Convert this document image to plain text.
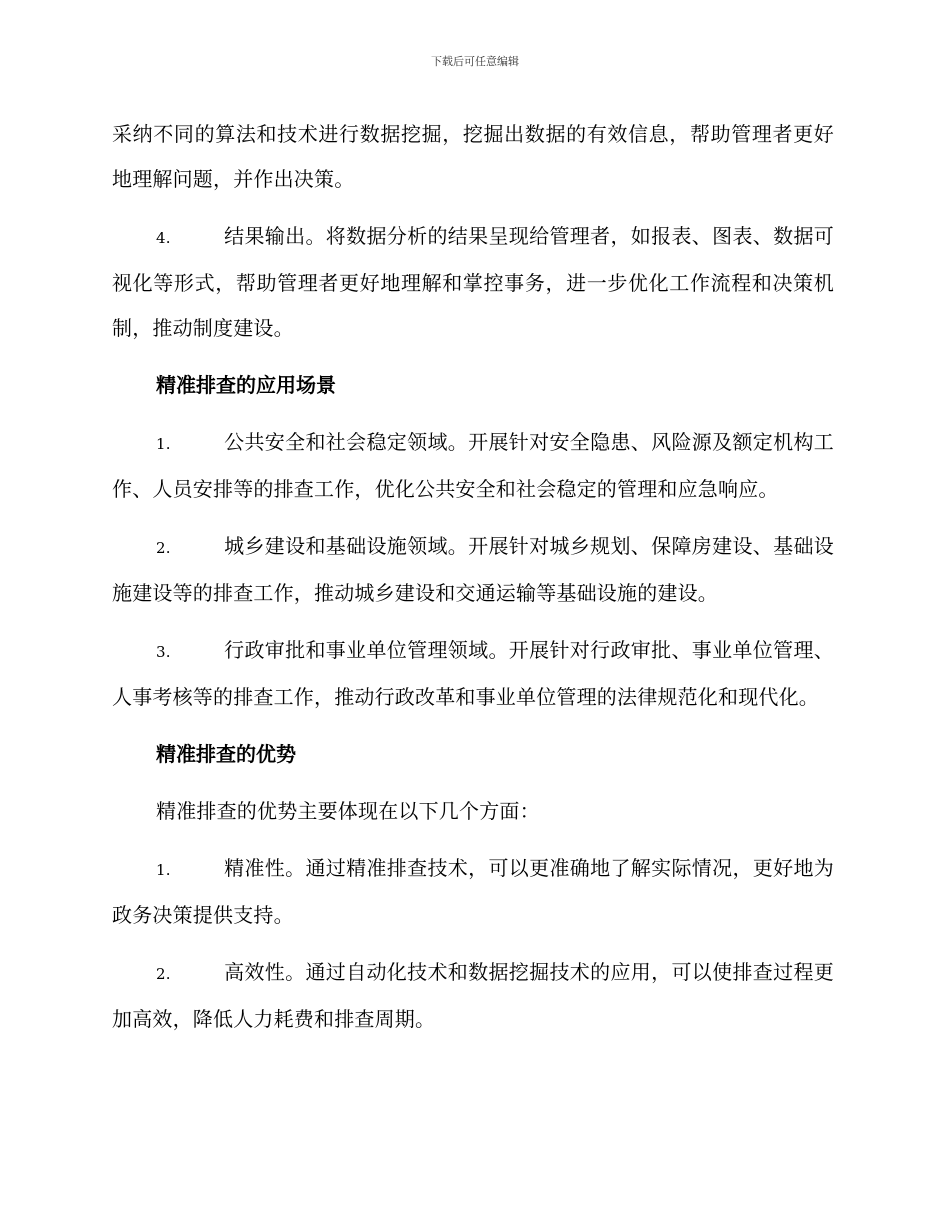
下载后可任意编辑

采纳不同的算法和技术进行数据挖掘，挖掘出数据的有效信息，帮助管理者更好地理解问题，并作出决策。

4.	结果输出。将数据分析的结果呈现给管理者，如报表、图表、数据可视化等形式，帮助管理者更好地理解和掌控事务，进一步优化工作流程和决策机制，推动制度建设。

精准排查的应用场景

1.	公共安全和社会稳定领域。开展针对安全隐患、风险源及额定机构工作、人员安排等的排查工作，优化公共安全和社会稳定的管理和应急响应。

2.	城乡建设和基础设施领域。开展针对城乡规划、保障房建设、基础设施建设等的排查工作，推动城乡建设和交通运输等基础设施的建设。

3.	行政审批和事业单位管理领域。开展针对行政审批、事业单位管理、人事考核等的排查工作，推动行政改革和事业单位管理的法律规范化和现代化。

精准排查的优势

精准排查的优势主要体现在以下几个方面：

1.	精准性。通过精准排查技术，可以更准确地了解实际情况，更好地为政务决策提供支持。

2.	高效性。通过自动化技术和数据挖掘技术的应用，可以使排查过程更加高效，降低人力耗费和排查周期。
